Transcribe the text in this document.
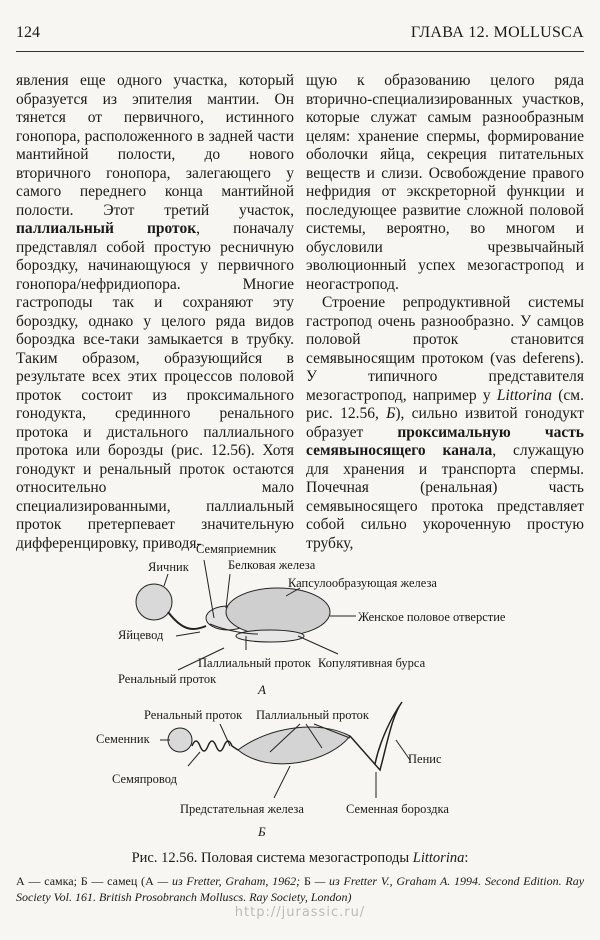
124	ГЛАВА 12. MOLLUSCA

явления еще одного участка, который образуется из эпителия мантии. Он тянется от первичного, истинного гонопора, расположенного в задней части мантийной полости, до нового вторичного гонопора, залегающего у самого переднего конца мантийной полости. Этот третий участок, паллиальный проток, поначалу представлял собой простую ресничную бороздку, начинающуюся у первичного гонопора/нефридиопора. Многие гастроподы так и сохраняют эту бороздку, однако у целого ряда видов бороздка все-таки замыкается в трубку. Таким образом, образующийся в результате всех этих процессов половой проток состоит из проксимального гонодукта, срединного ренального протока и дистального паллиального протока или борозды (рис. 12.56). Хотя гонодукт и ренальный проток остаются относительно мало специализированными, паллиальный проток претерпевает значительную дифференцировку, приводя-

щую к образованию целого ряда вторично-специализированных участков, которые служат самым разнообразным целям: хранение спермы, формирование оболочки яйца, секреция питательных веществ и слизи. Освобождение правого нефридия от экскреторной функции и последующее развитие сложной половой системы, вероятно, во многом и обусловили чрезвычайный эволюционный успех мезогастропод и неогастропод.

Строение репродуктивной системы гастропод очень разнообразно. У самцов половой проток становится семявыносящим протоком (vas deferens). У типичного представителя мезогастропод, например у Littorina (см. рис. 12.56, Б), сильно извитой гонодукт образует проксимальную часть семявыносящего канала, служащую для хранения и транспорта спермы. Почечная (ренальная) часть семявыносящего протока представляет собой сильно укороченную простую трубку,

Семяприемник
Яичник	Белковая железа
Капсулообразующая железа
Женское половое отверстие
Яйцевод
Паллиальный проток Копулятивная бурса
Ренальный проток
А
Ренальный проток Паллиальный проток
Семенник
Пенис
Семяпровод
Предстательная железа	Семенная бороздка
Б
Рис. 12.56. Половая система мезогастроподы Littorina:
А — самка; Б — самец (А — из Fretter, Graham, 1962; Б — из Fretter V., Graham A. 1994. Second Edition. Ray Society Vol. 161. British Prosobranch Molluscs. Ray Society, London)
http://jurassic.ru/
